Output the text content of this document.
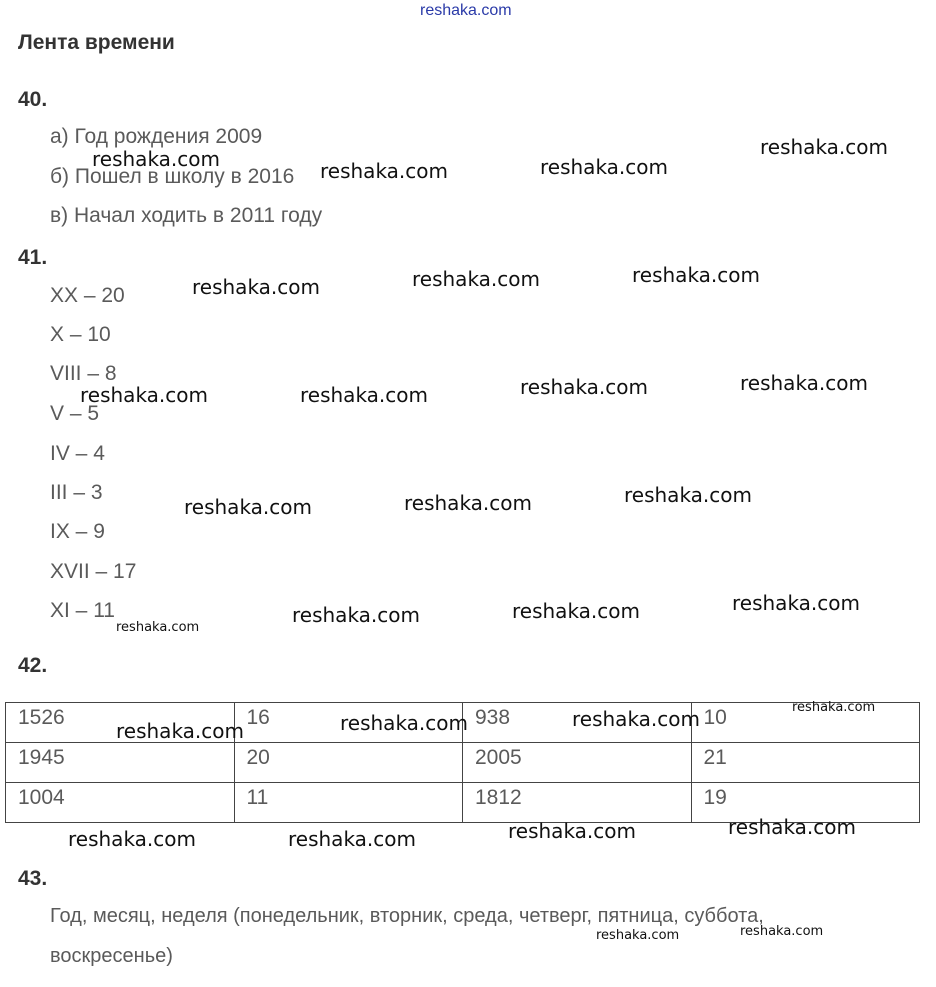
reshaka.com
Лента времени
40.
а) Год рождения 2009
б) Пошел в школу в 2016
в) Начал ходить в 2011 году
41.
XX – 20
X – 10
VIII – 8
V – 5
IV – 4
III – 3
IX – 9
XVII – 17
XI – 11
42.
1526	16	938	10
1945	20	2005	21
1004	11	1812	19
43.
Год, месяц, неделя (понедельник, вторник, среда, четверг, пятница, суббота,
воскресенье)
reshaka.com	reshaka.com	reshaka.com
reshaka.com
reshaka.com	reshaka.com	reshaka.com
reshaka.com	reshaka.com	reshaka.com	reshaka.com
reshaka.com	reshaka.com	reshaka.com
reshaka.com	reshaka.com	reshaka.com
reshaka.com
reshaka.com	reshaka.com	reshaka.com	reshaka.com
reshaka.com	reshaka.com	reshaka.com	reshaka.com
reshaka.com	reshaka.com
